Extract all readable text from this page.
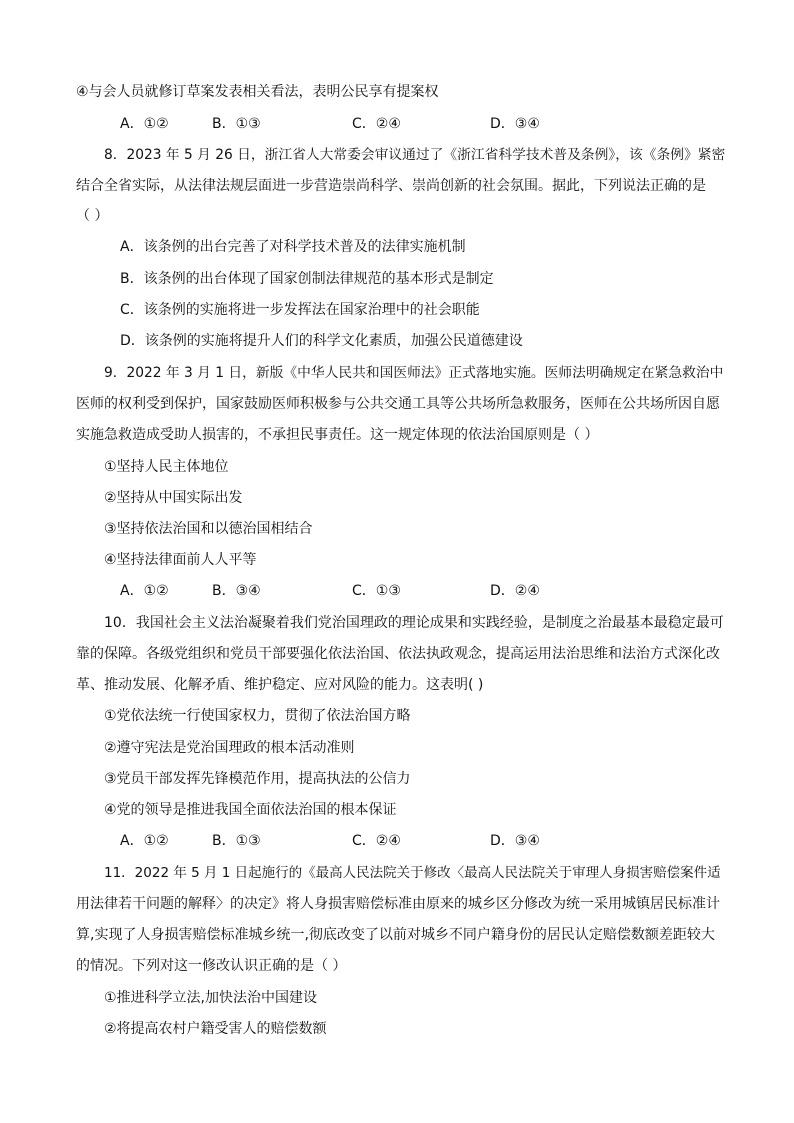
④与会人员就修订草案发表相关看法，表明公民享有提案权
A．①②	B．①③	C．②④	D．③④
8．2023 年 5 月 26 日，浙江省人大常委会审议通过了《浙江省科学技术普及条例》，该《条例》紧密
结合全省实际，从法律法规层面进一步营造崇尚科学、崇尚创新的社会氛围。据此，下列说法正确的是
（ ）
A．该条例的出台完善了对科学技术普及的法律实施机制
B．该条例的出台体现了国家创制法律规范的基本形式是制定
C．该条例的实施将进一步发挥法在国家治理中的社会职能
D．该条例的实施将提升人们的科学文化素质，加强公民道德建设
9．2022 年 3 月 1 日，新版《中华人民共和国医师法》正式落地实施。医师法明确规定在紧急救治中
医师的权利受到保护，国家鼓励医师积极参与公共交通工具等公共场所急救服务，医师在公共场所因自愿
实施急救造成受助人损害的，不承担民事责任。这一规定体现的依法治国原则是（ ）
①坚持人民主体地位
②坚持从中国实际出发
③坚持依法治国和以德治国相结合
④坚持法律面前人人平等
A．①②	B．③④	C．①③	D．②④
10．我国社会主义法治凝聚着我们党治国理政的理论成果和实践经验，是制度之治最基本最稳定最可
靠的保障。各级党组织和党员干部要强化依法治国、依法执政观念，提高运用法治思维和法治方式深化改
革、推动发展、化解矛盾、维护稳定、应对风险的能力。这表明( )
①党依法统一行使国家权力，贯彻了依法治国方略
②遵守宪法是党治国理政的根本活动准则
③党员干部发挥先锋模范作用，提高执法的公信力
④党的领导是推进我国全面依法治国的根本保证
A．①②	B．①③	C．②④	D．③④
11．2022 年 5 月 1 日起施行的《最高人民法院关于修改〈最高人民法院关于审理人身损害赔偿案件适
用法律若干问题的解释〉的决定》将人身损害赔偿标准由原来的城乡区分修改为统一采用城镇居民标准计
算,实现了人身损害赔偿标准城乡统一,彻底改变了以前对城乡不同户籍身份的居民认定赔偿数额差距较大
的情况。下列对这一修改认识正确的是（ ）
①推进科学立法,加快法治中国建设
②将提高农村户籍受害人的赔偿数额
